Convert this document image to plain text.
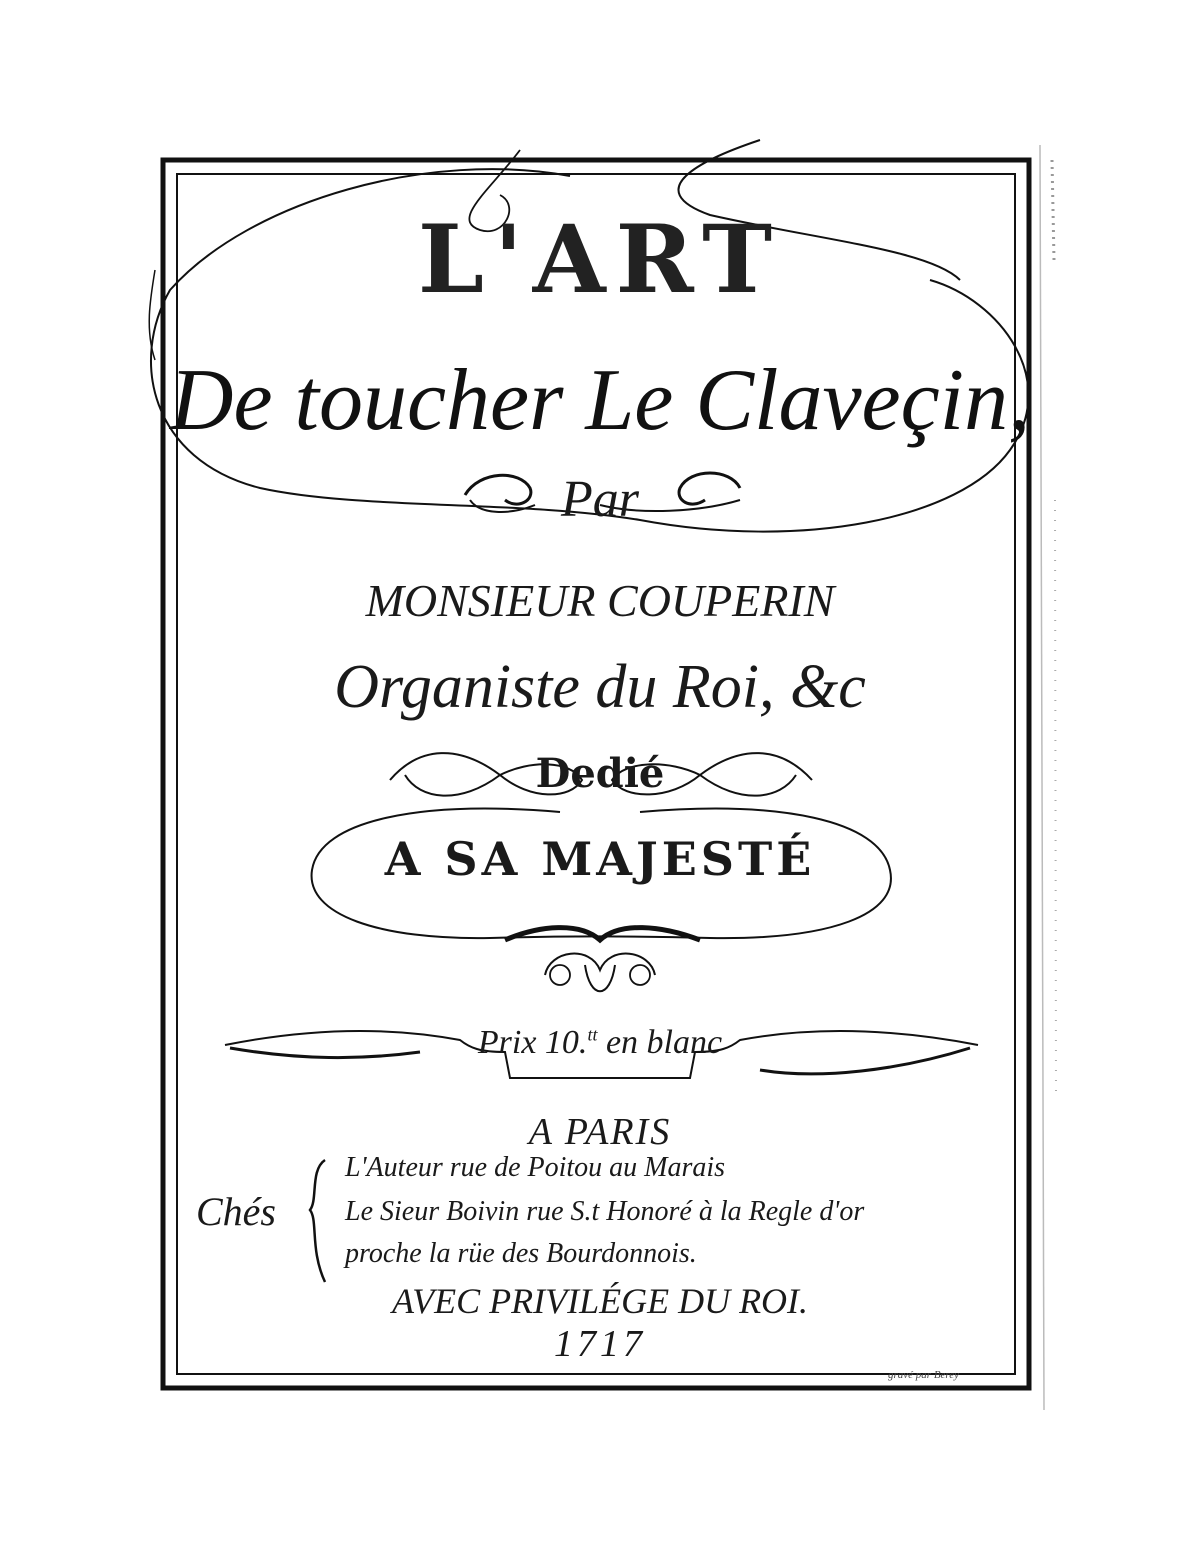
L'ART
De toucher Le Claveçin,
Par
MONSIEUR COUPERIN
Organiste du Roi, &c
Dedié
A SA MAJESTÉ
Prix 10.$^{tt}$ en blanc
A PARIS
Chés
L'Auteur rue de Poitou au Marais
Le Sieur Boivin rue S.t Honoré à la Regle d'or
proche la rüe des Bourdonnois.
AVEC PRIVILÉGE DU ROI.
1717
gravé par Berey
